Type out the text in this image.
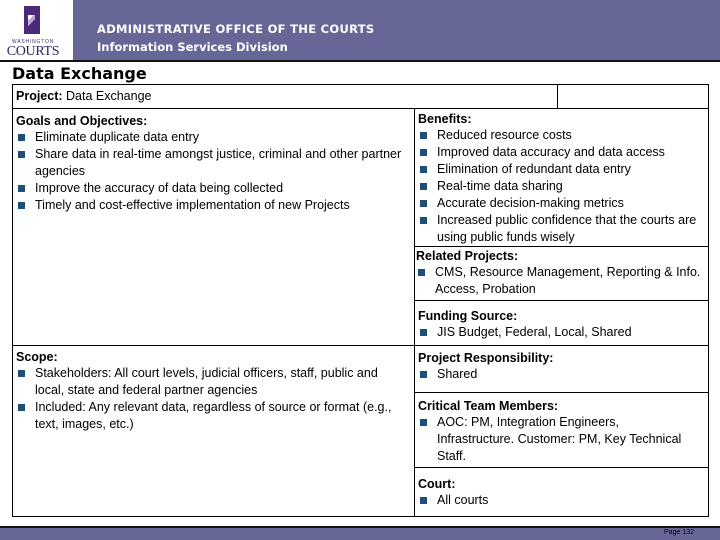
WASHINGTON
COURTS
ADMINISTRATIVE OFFICE OF THE COURTS
Information Services Division
Data Exchange
Project: Data Exchange
Goals and Objectives:
Eliminate duplicate data entry
Share data in real-time amongst justice, criminal and other partner agencies
Improve the accuracy of data being collected
Timely and cost-effective implementation of new Projects
Scope:
Stakeholders: All court levels, judicial officers, staff, public and local, state and federal partner agencies
Included: Any relevant data, regardless of source or format (e.g., text, images, etc.)
Benefits:
Reduced resource costs
Improved data accuracy and data access
Elimination of redundant data entry
Real-time data sharing
Accurate decision-making metrics
Increased public confidence that the courts are using public funds wisely
Related Projects:
CMS, Resource Management, Reporting & Info. Access, Probation
Funding Source:
JIS Budget, Federal, Local, Shared
Project Responsibility:
Shared
Critical Team Members:
AOC: PM, Integration Engineers, Infrastructure. Customer: PM, Key Technical Staff.
Court:
All courts
Page 132
